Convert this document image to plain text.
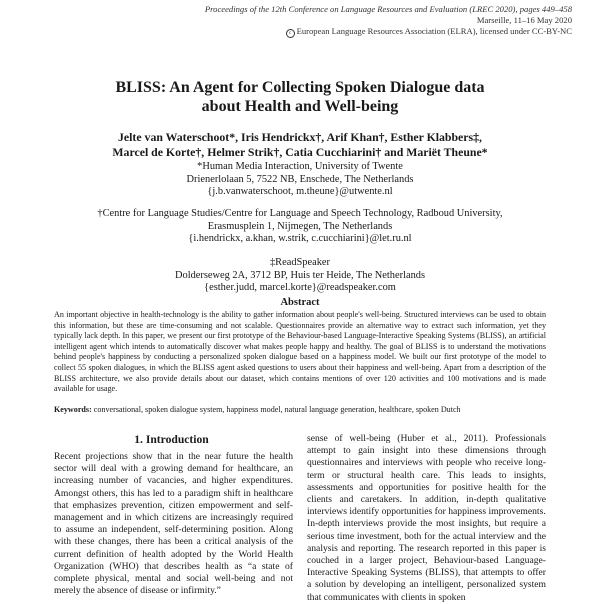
Proceedings of the 12th Conference on Language Resources and Evaluation (LREC 2020), pages 449–458
Marseille, 11–16 May 2020
c European Language Resources Association (ELRA), licensed under CC-BY-NC
BLISS: An Agent for Collecting Spoken Dialogue data
about Health and Well-being
Jelte van Waterschoot*, Iris Hendrickx†, Arif Khan†, Esther Klabbers‡,
Marcel de Korte†, Helmer Strik†, Catia Cucchiarini† and Mariët Theune*
*Human Media Interaction, University of Twente
Drienerlolaan 5, 7522 NB, Enschede, The Netherlands
{j.b.vanwaterschoot, m.theune}@utwente.nl
†Centre for Language Studies/Centre for Language and Speech Technology, Radboud University,
Erasmusplein 1, Nijmegen, The Netherlands
{i.hendrickx, a.khan, w.strik, c.cucchiarini}@let.ru.nl
‡ReadSpeaker
Dolderseweg 2A, 3712 BP, Huis ter Heide, The Netherlands
{esther.judd, marcel.korte}@readspeaker.com
Abstract
An important objective in health-technology is the ability to gather information about people's well-being. Structured interviews can be used to obtain this information, but these are time-consuming and not scalable. Questionnaires provide an alternative way to extract such information, yet they typically lack depth. In this paper, we present our first prototype of the Behaviour-based Language-Interactive Speaking Systems (BLISS), an artificial intelligent agent which intends to automatically discover what makes people happy and healthy. The goal of BLISS is to understand the motivations behind people's happiness by conducting a personalized spoken dialogue based on a happiness model. We built our first prototype of the model to collect 55 spoken dialogues, in which the BLISS agent asked questions to users about their happiness and well-being. Apart from a description of the BLISS architecture, we also provide details about our dataset, which contains mentions of over 120 activities and 100 motivations and is made available for usage.
Keywords: conversational, spoken dialogue system, happiness model, natural language generation, healthcare, spoken Dutch
1. Introduction

Recent projections show that in the near future the health sector will deal with a growing demand for healthcare, an increasing number of vacancies, and higher expenditures. Amongst others, this has led to a paradigm shift in healthcare that emphasizes prevention, citizen empowerment and self-management and in which citizens are increasingly required to assume an independent, self-determining position. Along with these changes, there has been a critical analysis of the current definition of health adopted by the World Health Organization (WHO) that describes health as “a state of complete physical, mental and social well-being and not merely the absence of disease or infirmity.”

sense of well-being (Huber et al., 2011). Professionals attempt to gain insight into these dimensions through questionnaires and interviews with people who receive long-term or structural health care. This leads to insights, assessments and opportunities for positive health for the clients and caretakers. In addition, in-depth qualitative interviews identify opportunities for happiness improvements.

In-depth interviews provide the most insights, but require a serious time investment, both for the actual interview and the analysis and reporting. The research reported in this paper is couched in a larger project, Behaviour-based Language-Interactive Speaking Systems (BLISS), that attempts to offer a solution by developing an intelligent, personalized system that communicates with clients in spoken
